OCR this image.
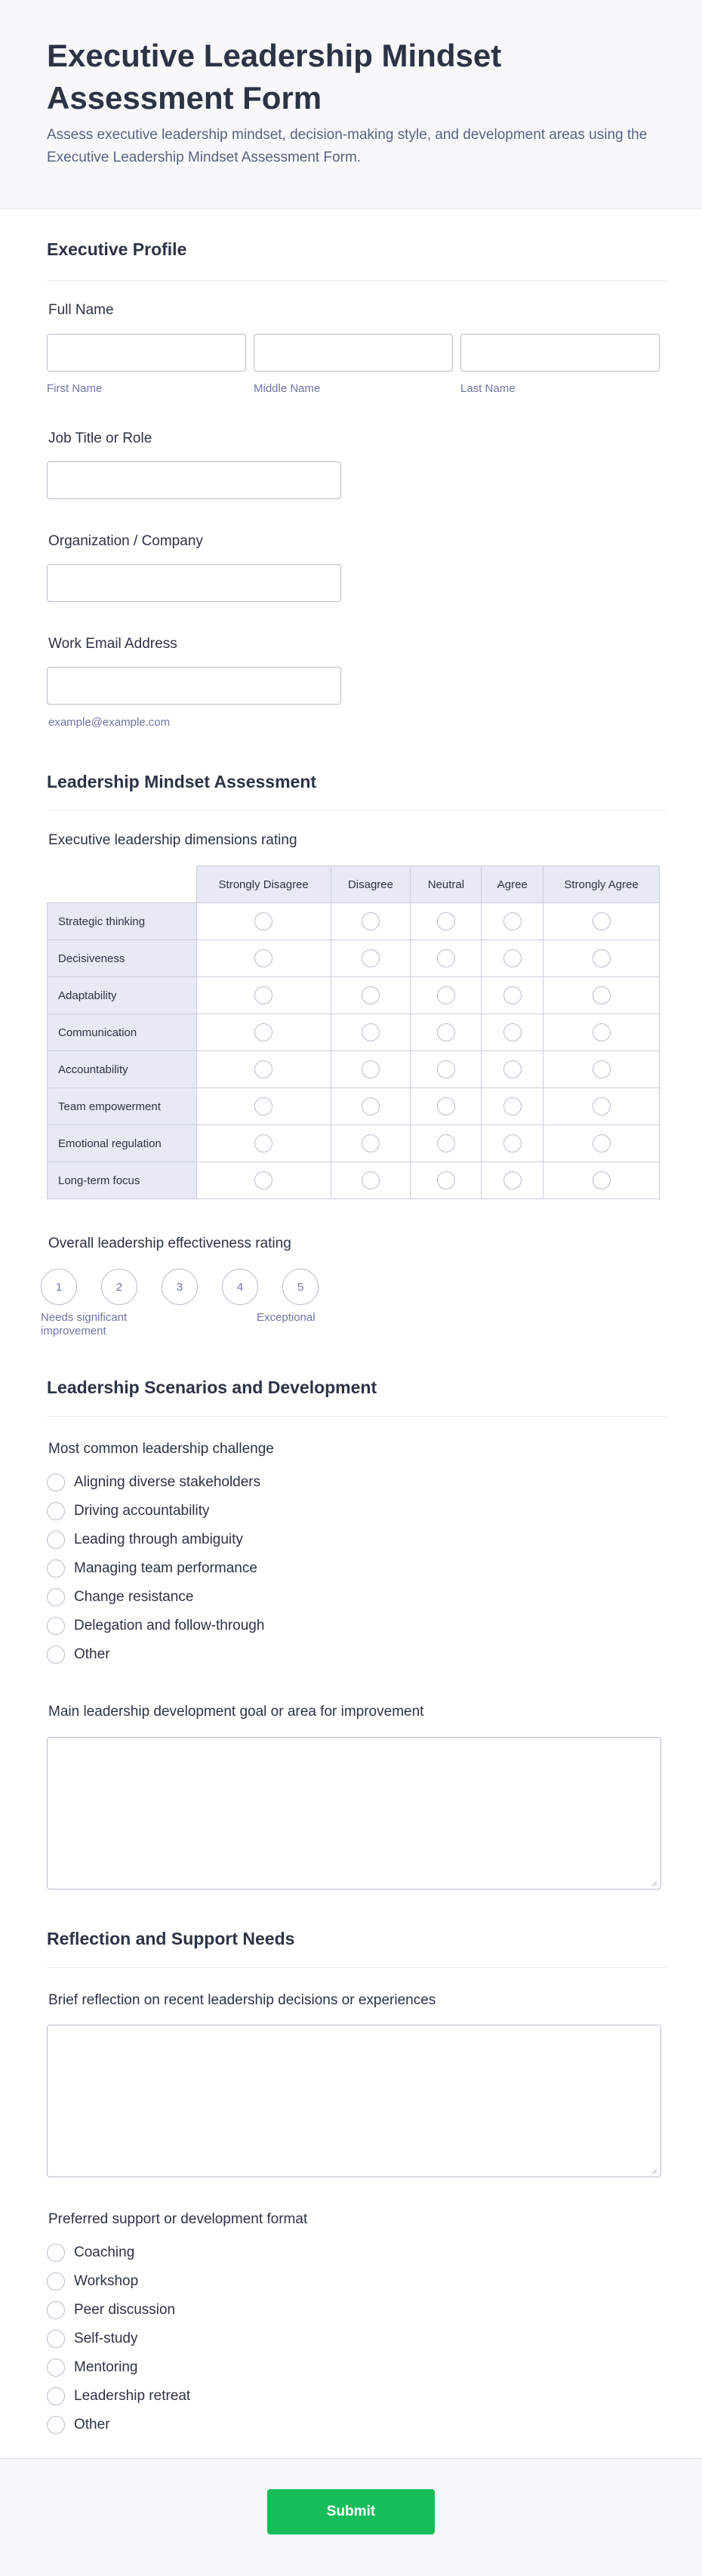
Executive Leadership Mindset Assessment Form
Assess executive leadership mindset, decision-making style, and development areas using the Executive Leadership Mindset Assessment Form.
Executive Profile
Full Name
First Name	Middle Name	Last Name
Job Title or Role
Organization / Company
Work Email Address
example@example.com
Leadership Mindset Assessment
Executive leadership dimensions rating
	Strongly Disagree	Disagree	Neutral	Agree	Strongly Agree
Strategic thinking					
Decisiveness					
Adaptability					
Communication					
Accountability					
Team empowerment					
Emotional regulation					
Long-term focus					
Overall leadership effectiveness rating
1	2	3	4	5
Needs significant improvement
Exceptional
Leadership Scenarios and Development
Most common leadership challenge
Aligning diverse stakeholders
Driving accountability
Leading through ambiguity
Managing team performance
Change resistance
Delegation and follow-through
Other
Main leadership development goal or area for improvement
Reflection and Support Needs
Brief reflection on recent leadership decisions or experiences
Preferred support or development format
Coaching
Workshop
Peer discussion
Self-study
Mentoring
Leadership retreat
Other
Submit
